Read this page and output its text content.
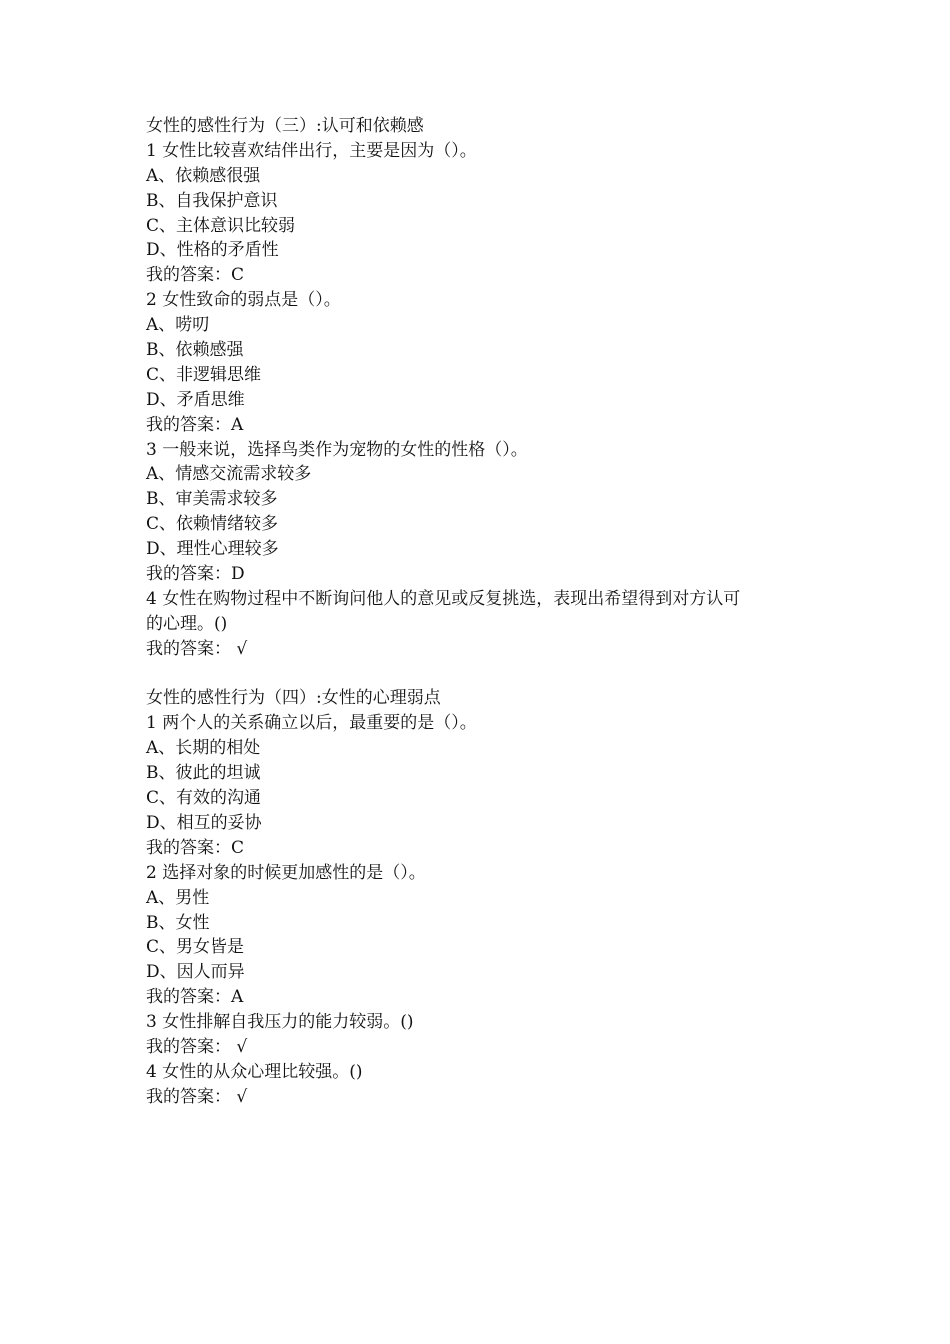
女性的感性行为（三）:认可和依赖感
1 女性比较喜欢结伴出行，主要是因为（）。
A、依赖感很强
B、自我保护意识
C、主体意识比较弱
D、性格的矛盾性
我的答案：C
2 女性致命的弱点是（）。
A、唠叨
B、依赖感强
C、非逻辑思维
D、矛盾思维
我的答案：A
3 一般来说，选择鸟类作为宠物的女性的性格（）。
A、情感交流需求较多
B、审美需求较多
C、依赖情绪较多
D、理性心理较多
我的答案：D
4 女性在购物过程中不断询问他人的意见或反复挑选，表现出希望得到对方认可
的心理。()
我的答案： √
女性的感性行为（四）:女性的心理弱点
1 两个人的关系确立以后，最重要的是（）。
A、长期的相处
B、彼此的坦诚
C、有效的沟通
D、相互的妥协
我的答案：C
2 选择对象的时候更加感性的是（）。
A、男性
B、女性
C、男女皆是
D、因人而异
我的答案：A
3 女性排解自我压力的能力较弱。()
我的答案： √
4 女性的从众心理比较强。()
我的答案： √
